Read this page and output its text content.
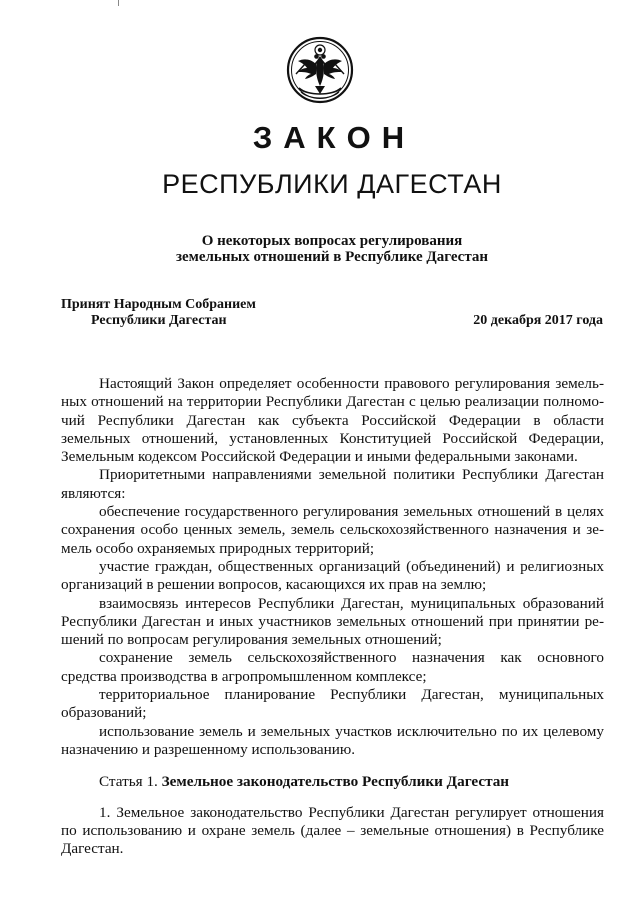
ЗАКОН
РЕСПУБЛИКИ ДАГЕСТАН
О некоторых вопросах регулирования
земельных отношений в Республике Дагестан
Принят Народным Собранием
Республики Дагестан	20 декабря 2017 года

Настоящий Закон определяет особенности правового регулирования земельных отношений на территории Республики Дагестан с целью реализации полномочий Республики Дагестан как субъекта Российской Федерации в области земельных отношений, установленных Конституцией Российской Федерации, Земельным кодексом Российской Федерации и иными федеральными законами.

Приоритетными направлениями земельной политики Республики Дагестан являются:

обеспечение государственного регулирования земельных отношений в целях сохранения особо ценных земель, земель сельскохозяйственного назначения и земель особо охраняемых природных территорий;

участие граждан, общественных организаций (объединений) и религиозных организаций в решении вопросов, касающихся их прав на землю;

взаимосвязь интересов Республики Дагестан, муниципальных образований Республики Дагестан и иных участников земельных отношений при принятии решений по вопросам регулирования земельных отношений;

сохранение земель сельскохозяйственного назначения как основного средства производства в агропромышленном комплексе;

территориальное планирование Республики Дагестан, муниципальных образований;

использование земель и земельных участков исключительно по их целевому назначению и разрешенному использованию.

Статья 1. Земельное законодательство Республики Дагестан

1. Земельное законодательство Республики Дагестан регулирует отношения по использованию и охране земель (далее – земельные отношения) в Республике Дагестан.
